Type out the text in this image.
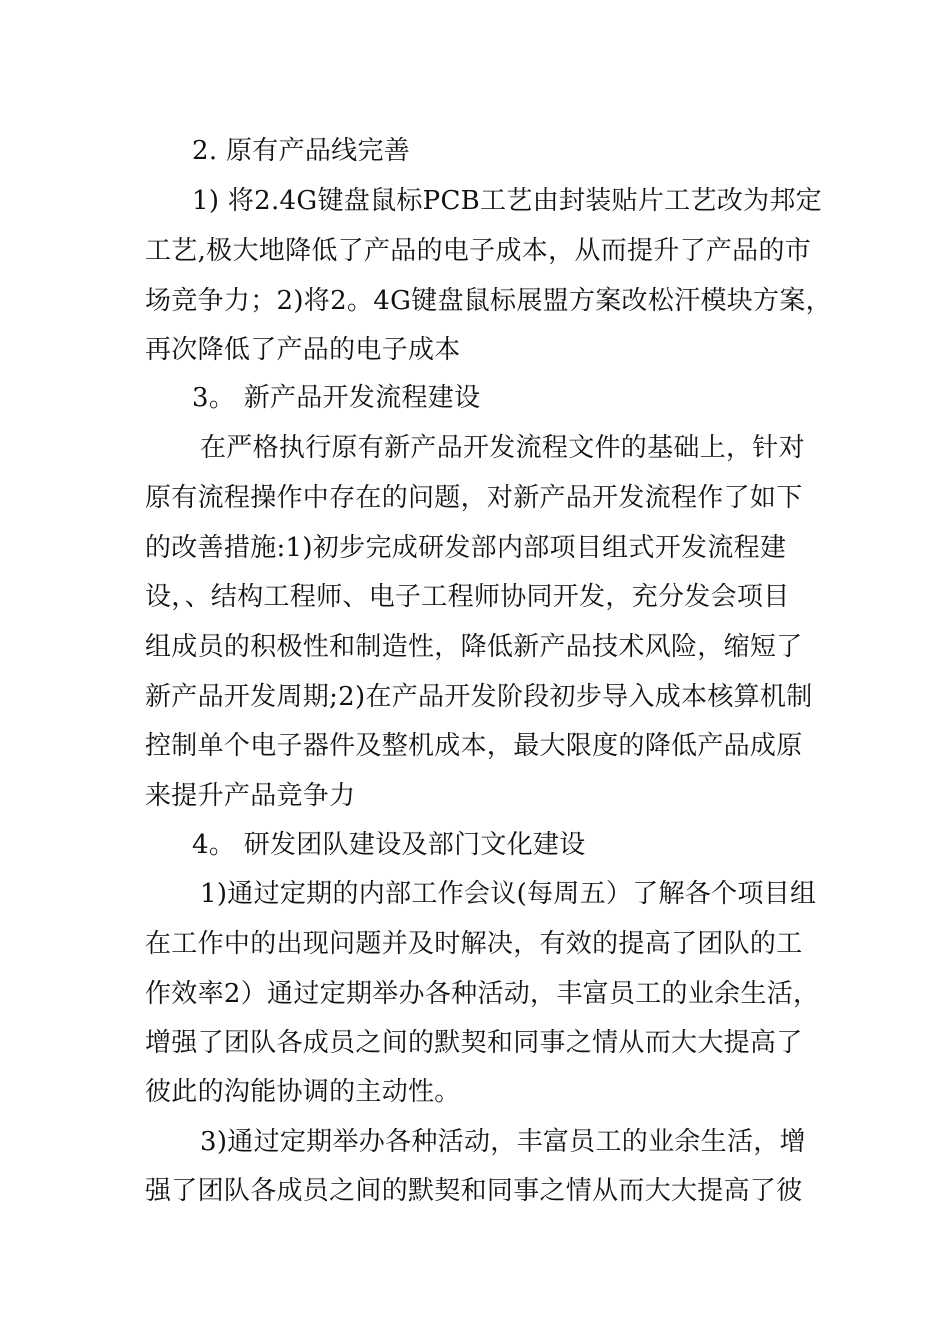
2. 原有产品线完善
1) 将2.4G键盘鼠标PCB工艺由封装贴片工艺改为邦定
工艺,极大地降低了产品的电子成本，从而提升了产品的市
场竞争力；2)将2。4G键盘鼠标展盟方案改松汗模块方案，
再次降低了产品的电子成本
3。 新产品开发流程建设
在严格执行原有新产品开发流程文件的基础上，针对
原有流程操作中存在的问题，对新产品开发流程作了如下
的改善措施:1)初步完成研发部内部项目组式开发流程建
设，、结构工程师、电子工程师协同开发，充分发会项目
组成员的积极性和制造性，降低新产品技术风险，缩短了
新产品开发周期;2)在产品开发阶段初步导入成本核算机制
控制单个电子器件及整机成本，最大限度的降低产品成原
来提升产品竞争力
4。 研发团队建设及部门文化建设
1)通过定期的内部工作会议(每周五）了解各个项目组
在工作中的出现问题并及时解决，有效的提高了团队的工
作效率2）通过定期举办各种活动，丰富员工的业余生活，
增强了团队各成员之间的默契和同事之情从而大大提高了
彼此的沟能协调的主动性。
3)通过定期举办各种活动，丰富员工的业余生活，增
强了团队各成员之间的默契和同事之情从而大大提高了彼
